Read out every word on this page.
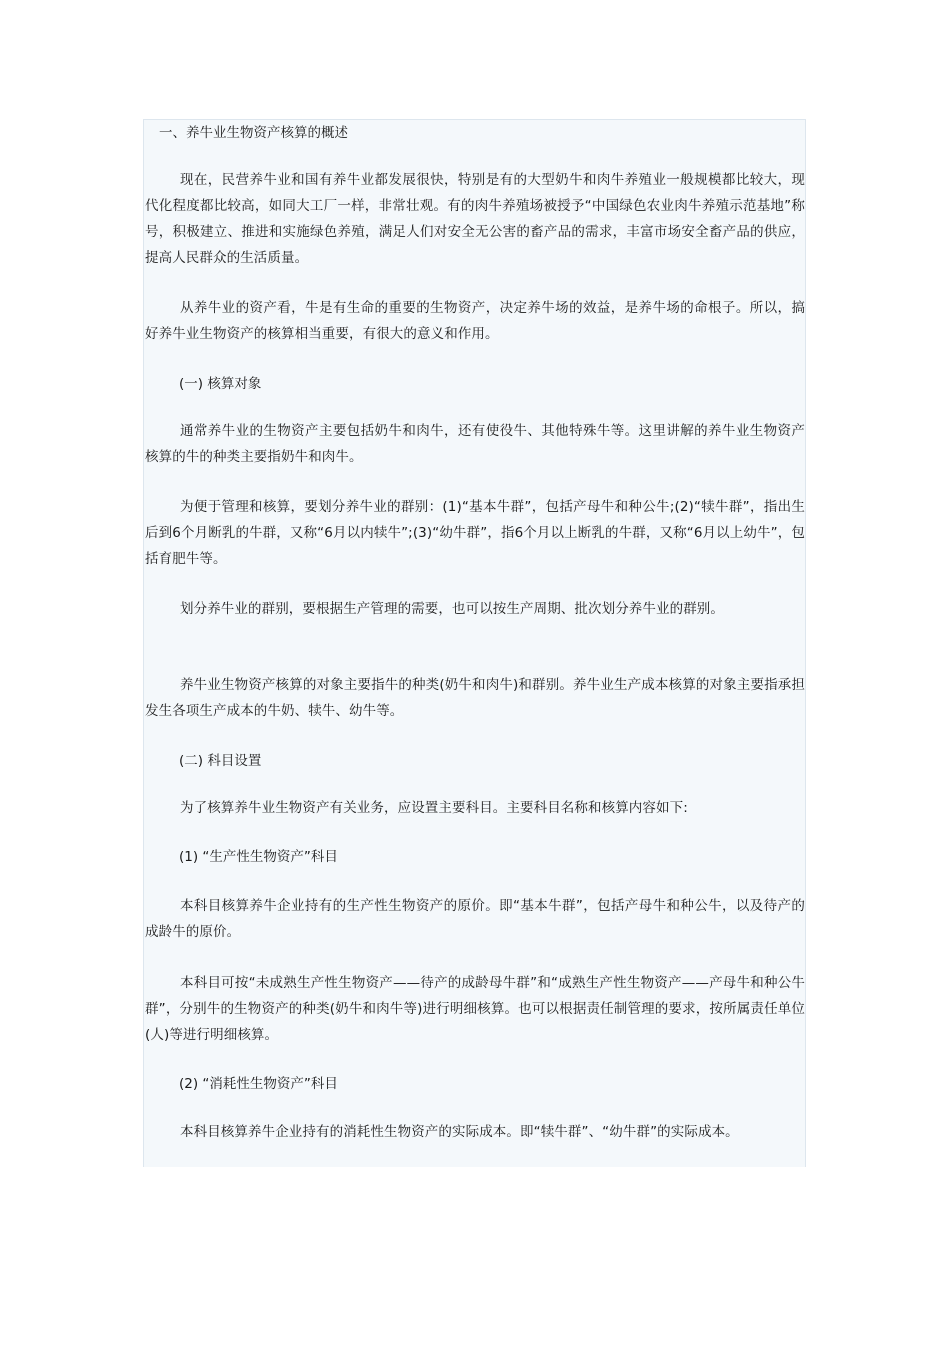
一、养牛业生物资产核算的概述

现在，民营养牛业和国有养牛业都发展很快，特别是有的大型奶牛和肉牛养殖业一般规模都比较大，现代化程度都比较高，如同大工厂一样，非常壮观。有的肉牛养殖场被授予“中国绿色农业肉牛养殖示范基地”称号，积极建立、推进和实施绿色养殖，满足人们对安全无公害的畜产品的需求，丰富市场安全畜产品的供应，提高人民群众的生活质量。

从养牛业的资产看，牛是有生命的重要的生物资产，决定养牛场的效益，是养牛场的命根子。所以，搞好养牛业生物资产的核算相当重要，有很大的意义和作用。

(一) 核算对象

通常养牛业的生物资产主要包括奶牛和肉牛，还有使役牛、其他特殊牛等。这里讲解的养牛业生物资产核算的牛的种类主要指奶牛和肉牛。

为便于管理和核算，要划分养牛业的群别：(1)“基本牛群”，包括产母牛和种公牛;(2)“犊牛群”，指出生后到6个月断乳的牛群，又称“6月以内犊牛”;(3)“幼牛群”，指6个月以上断乳的牛群，又称“6月以上幼牛”，包括育肥牛等。

划分养牛业的群别，要根据生产管理的需要，也可以按生产周期、批次划分养牛业的群别。

养牛业生物资产核算的对象主要指牛的种类(奶牛和肉牛)和群别。养牛业生产成本核算的对象主要指承担发生各项生产成本的牛奶、犊牛、幼牛等。

(二) 科目设置

为了核算养牛业生物资产有关业务，应设置主要科目。主要科目名称和核算内容如下:

(1) “生产性生物资产”科目

本科目核算养牛企业持有的生产性生物资产的原价。即“基本牛群”，包括产母牛和种公牛，以及待产的成龄牛的原价。

本科目可按“未成熟生产性生物资产——待产的成龄母牛群”和“成熟生产性生物资产——产母牛和种公牛群”，分别牛的生物资产的种类(奶牛和肉牛等)进行明细核算。也可以根据责任制管理的要求，按所属责任单位(人)等进行明细核算。

(2) “消耗性生物资产”科目

本科目核算养牛企业持有的消耗性生物资产的实际成本。即“犊牛群”、“幼牛群”的实际成本。
